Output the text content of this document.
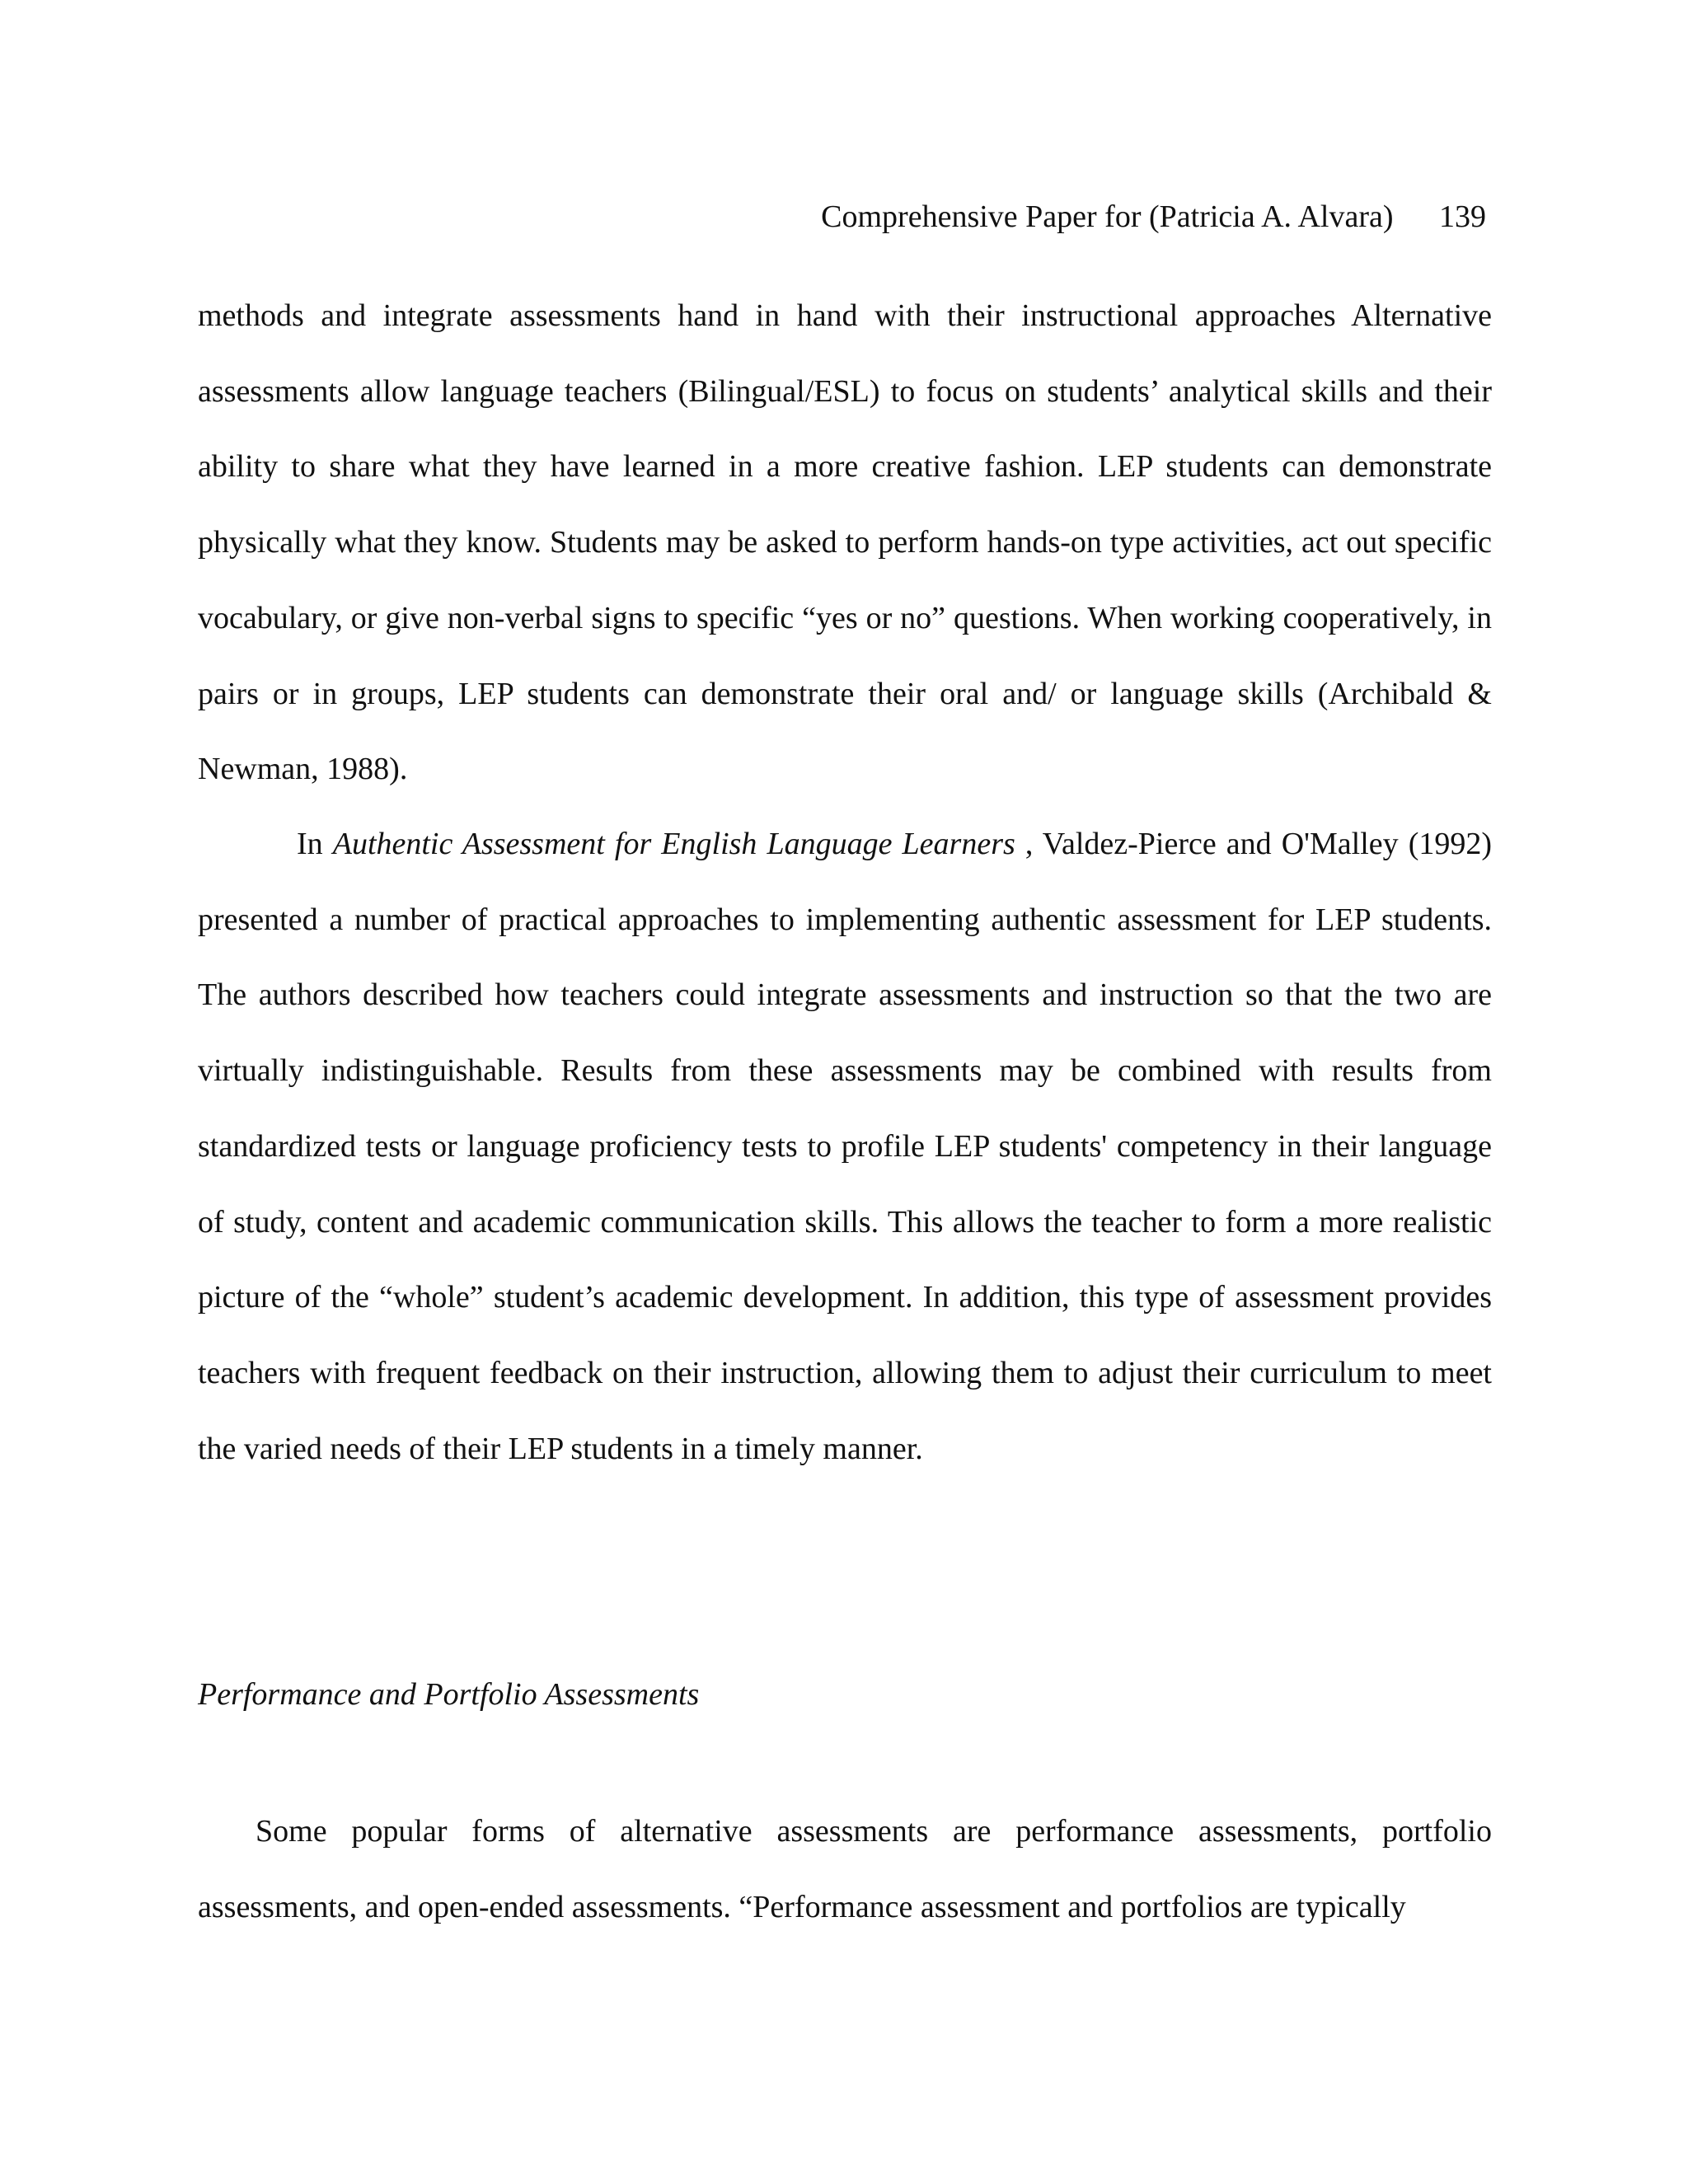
Comprehensive Paper for (Patricia A. Alvara) 139

methods and integrate assessments hand in hand with their instructional approaches Alternative assessments allow language teachers (Bilingual/ESL) to focus on students’ analytical skills and their ability to share what they have learned in a more creative fashion. LEP students can demonstrate physically what they know. Students may be asked to perform hands-on type activities, act out specific vocabulary, or give non-verbal signs to specific “yes or no” questions. When working cooperatively, in pairs or in groups, LEP students can demonstrate their oral and/ or language skills (Archibald & Newman, 1988).

In Authentic Assessment for English Language Learners , Valdez-Pierce and O'Malley (1992) presented a number of practical approaches to implementing authentic assessment for LEP students. The authors described how teachers could integrate assessments and instruction so that the two are virtually indistinguishable. Results from these assessments may be combined with results from standardized tests or language proficiency tests to profile LEP students' competency in their language of study, content and academic communication skills. This allows the teacher to form a more realistic picture of the “whole” student’s academic development. In addition, this type of assessment provides teachers with frequent feedback on their instruction, allowing them to adjust their curriculum to meet the varied needs of their LEP students in a timely manner.

Performance and Portfolio Assessments

Some popular forms of alternative assessments are performance assessments, portfolio assessments, and open-ended assessments. “Performance assessment and portfolios are typically
